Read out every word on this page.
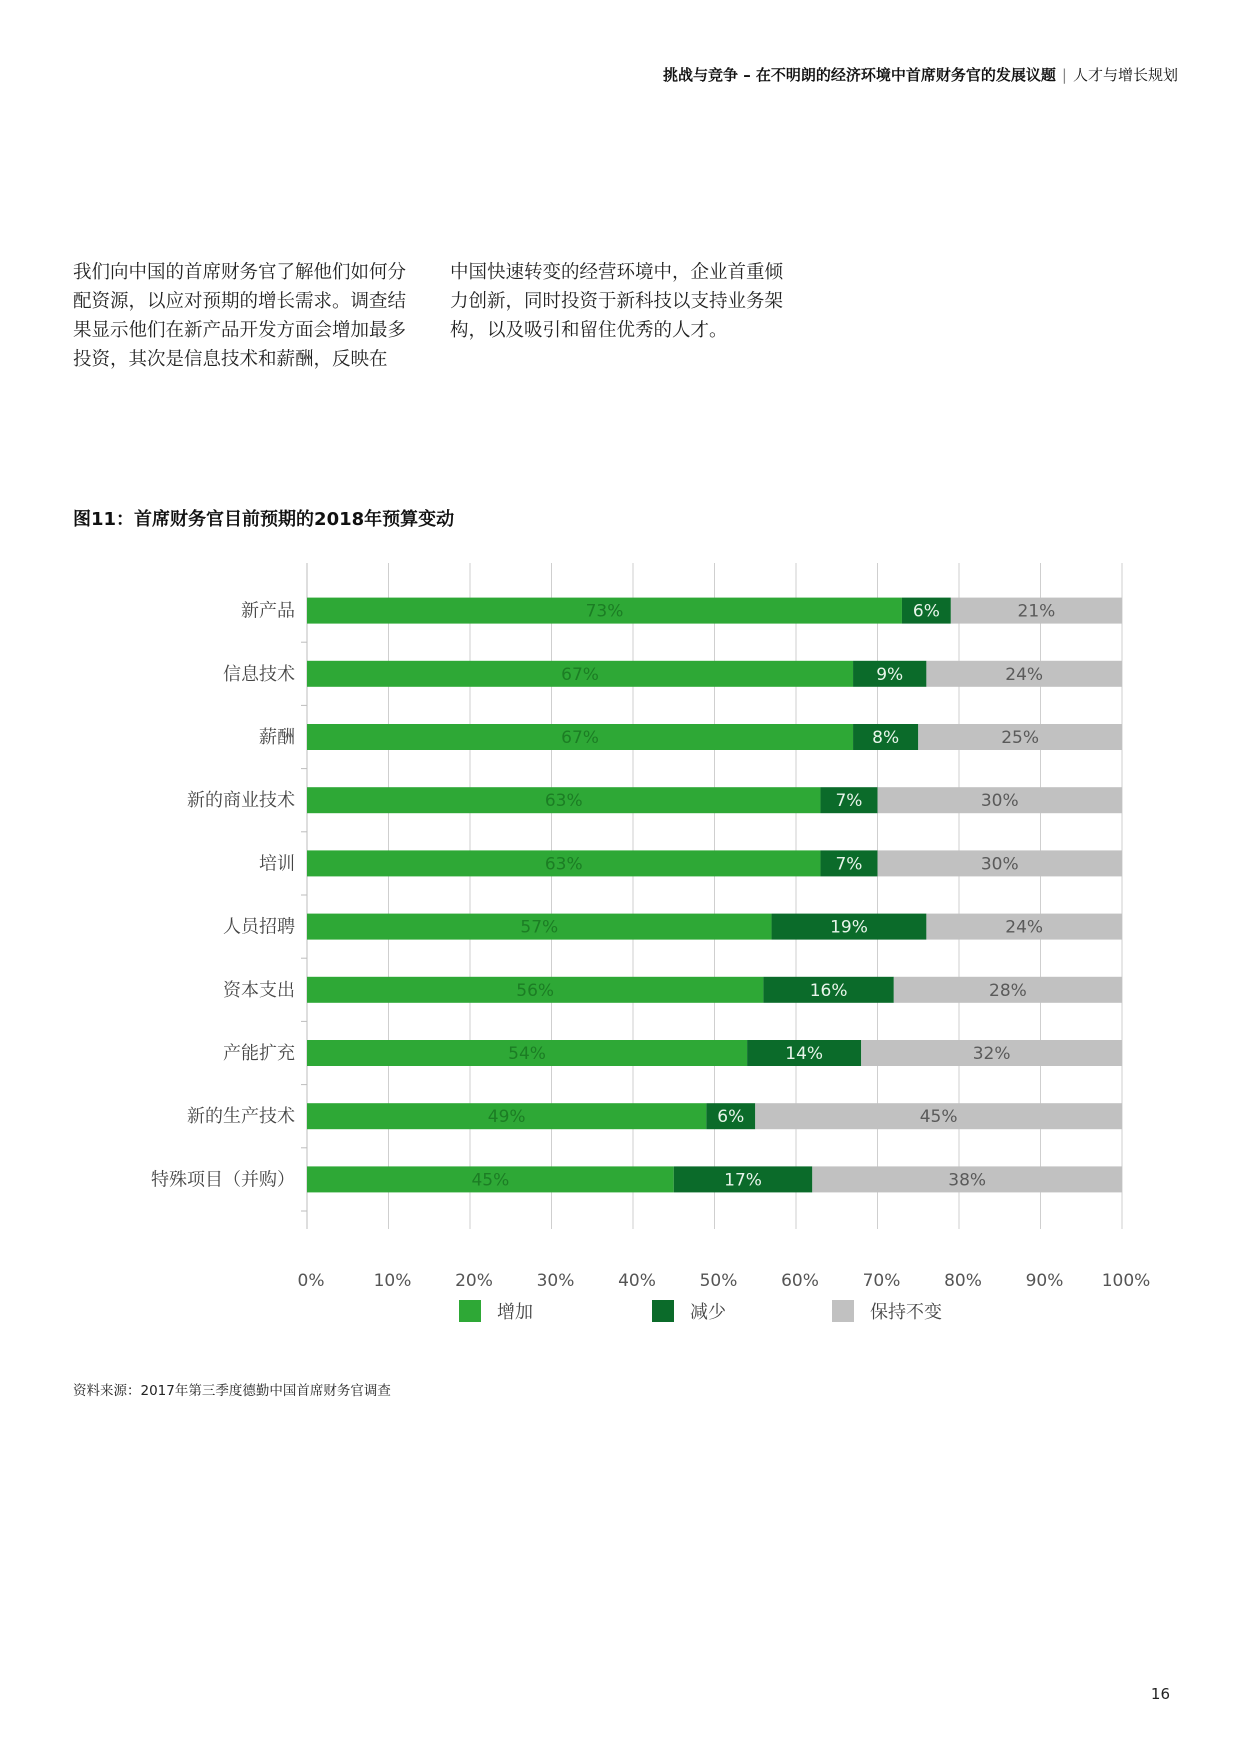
挑战与竞争 – 在不明朗的经济环境中首席财务官的发展议题 | 人才与增长规划

我们向中国的首席财务官了解他们如何分配资源，以应对预期的增长需求。调查结果显示他们在新产品开发方面会增加最多投资，其次是信息技术和薪酬，反映在

中国快速转变的经营环境中，企业首重倾力创新，同时投资于新科技以支持业务架构，以及吸引和留住优秀的人才。

图11：首席财务官目前预期的2018年预算变动

0%	10%	20%	30%	40%	50%	60%	70%	80%	90% 100%
新产品	73%	6%	21%
信息技术	67%	9%	24%
薪酬	67%	8%	25%
新的商业技术	63%	7%	30%
培训	63%	7%	30%
人员招聘	57%	19%	24%
资本支出	56%	16%	28%
产能扩充	54%	14%	32%
新的生产技术	49%	6%	45%
特殊项目（并购）	45%	17%	38%
增加	减少	保持不变

资料来源：2017年第三季度德勤中国首席财务官调查

16
